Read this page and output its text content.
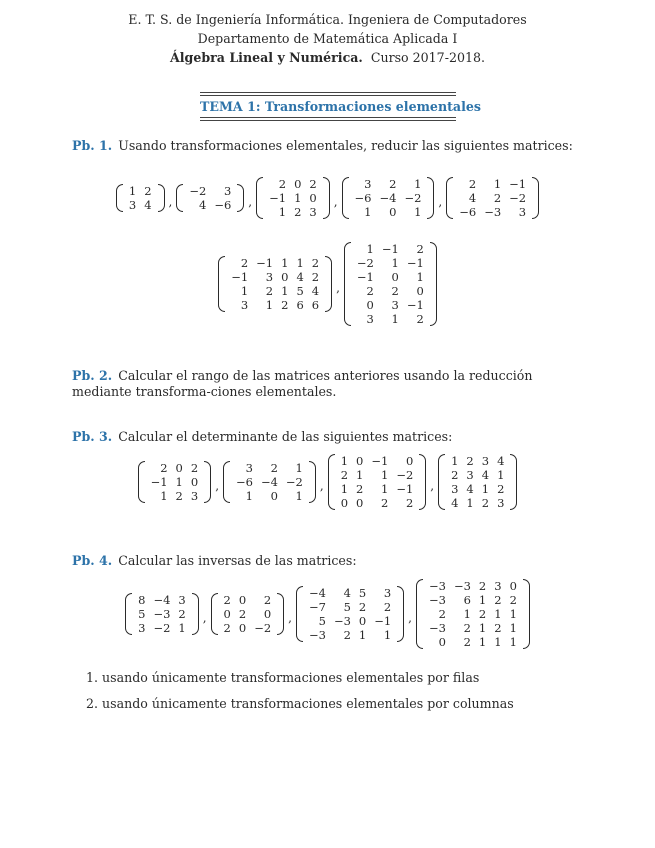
E. T. S. de Ingeniería Informática. Ingeniera de Computadores
Departamento de Matemática Aplicada I
Álgebra Lineal y Numérica. Curso 2017-2018.
TEMA 1: Transformaciones elementales
Pb. 1. Usando transformaciones elementales, reducir las siguientes matrices:
1	2
3	4 ,
−2	3
4	−6 ,
2	0	2
−1	1	0
1	2	3
,
3	2	1
−6	−4	−2
1	0	1
,
2	1	−1
4	2	−2
−6	−3	3
2	−1	1	1	2
−1	3	0	4	2
1	2	1	5	4
3	1	2	6	6
,
1	−1	2
−2	1	−1
−1	0	1
2	2	0
0	3	−1
3	1	2
Pb. 2. Calcular el rango de las matrices anteriores usando la reducción mediante transforma-ciones elementales.
Pb. 3. Calcular el determinante de las siguientes matrices:
2	0	2
−1	1	0
1	2	3
,
3	2	1
−6	−4	−2
1	0	1
,
1	0	−1	0
2	1	1	−2
1	2	1	−1
0	0	2	2
,
1	2	3	4
2	3	4	1
3	4	1	2
4	1	2	3
Pb. 4. Calcular las inversas de las matrices:
8	−4	3
5	−3	2
3	−2	1
,
2	0	2
0	2	0
2	0	−2
,
−4	4	5	3
−7	5	2	2
5	−3	0	−1
−3	2	1	1
,
−3	−3	2	3	0
−3	6	1	2	2
2	1	2	1	1
−3	2	1	2	1
0	2	1	1	1
1. usando únicamente transformaciones elementales por filas
2. usando únicamente transformaciones elementales por columnas
